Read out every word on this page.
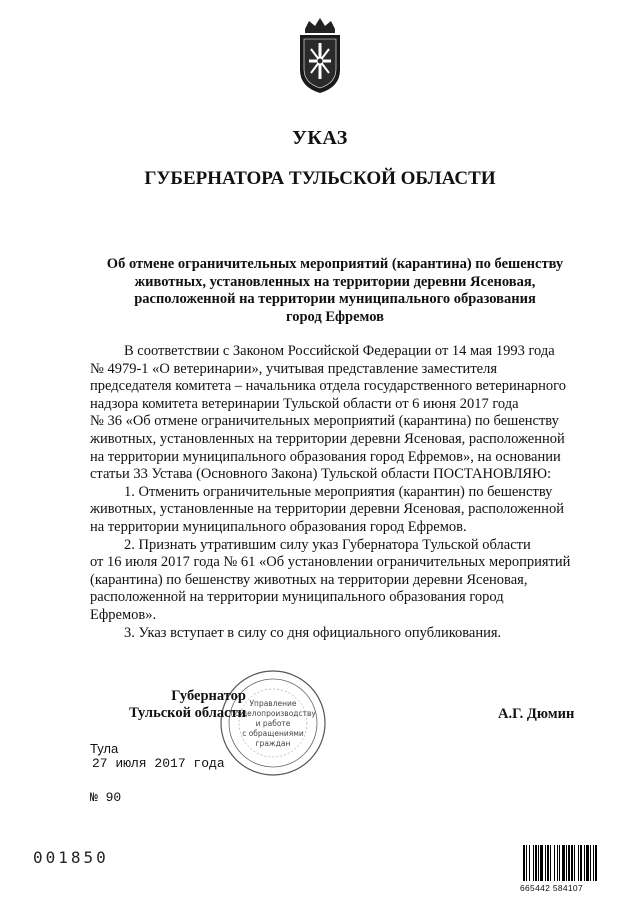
УКАЗ
ГУБЕРНАТОРА ТУЛЬСКОЙ ОБЛАСТИ
Об отмене ограничительных мероприятий (карантина) по бешенству
животных, установленных на территории деревни Ясеновая,
расположенной на территории муниципального образования
город Ефремов
В соответствии с Законом Российской Федерации от 14 мая 1993 года
№ 4979-1 «О ветеринарии», учитывая представление заместителя
председателя комитета – начальника отдела государственного ветеринарного
надзора комитета ветеринарии Тульской области от 6 июня 2017 года
№ 36 «Об отмене ограничительных мероприятий (карантина) по бешенству
животных, установленных на территории деревни Ясеновая, расположенной
на территории муниципального образования город Ефремов», на основании
статьи 33 Устава (Основного Закона) Тульской области ПОСТАНОВЛЯЮ:
1. Отменить ограничительные мероприятия (карантин) по бешенству
животных, установленные на территории деревни Ясеновая, расположенной
на территории муниципального образования город Ефремов.
2. Признать утратившим силу указ Губернатора Тульской области
от 16 июля 2017 года № 61 «Об установлении ограничительных мероприятий
(карантина) по бешенству животных на территории деревни Ясеновая,
расположенной на территории муниципального образования город
Ефремов».
3. Указ вступает в силу со дня официального опубликования.
Управление
по делопроизводству
и работе
с обращениями
граждан
Губернатор
Тульской области	А.Г. Дюмин
Тула
27 июля 2017 года
№ 90
001850
665442 584107
